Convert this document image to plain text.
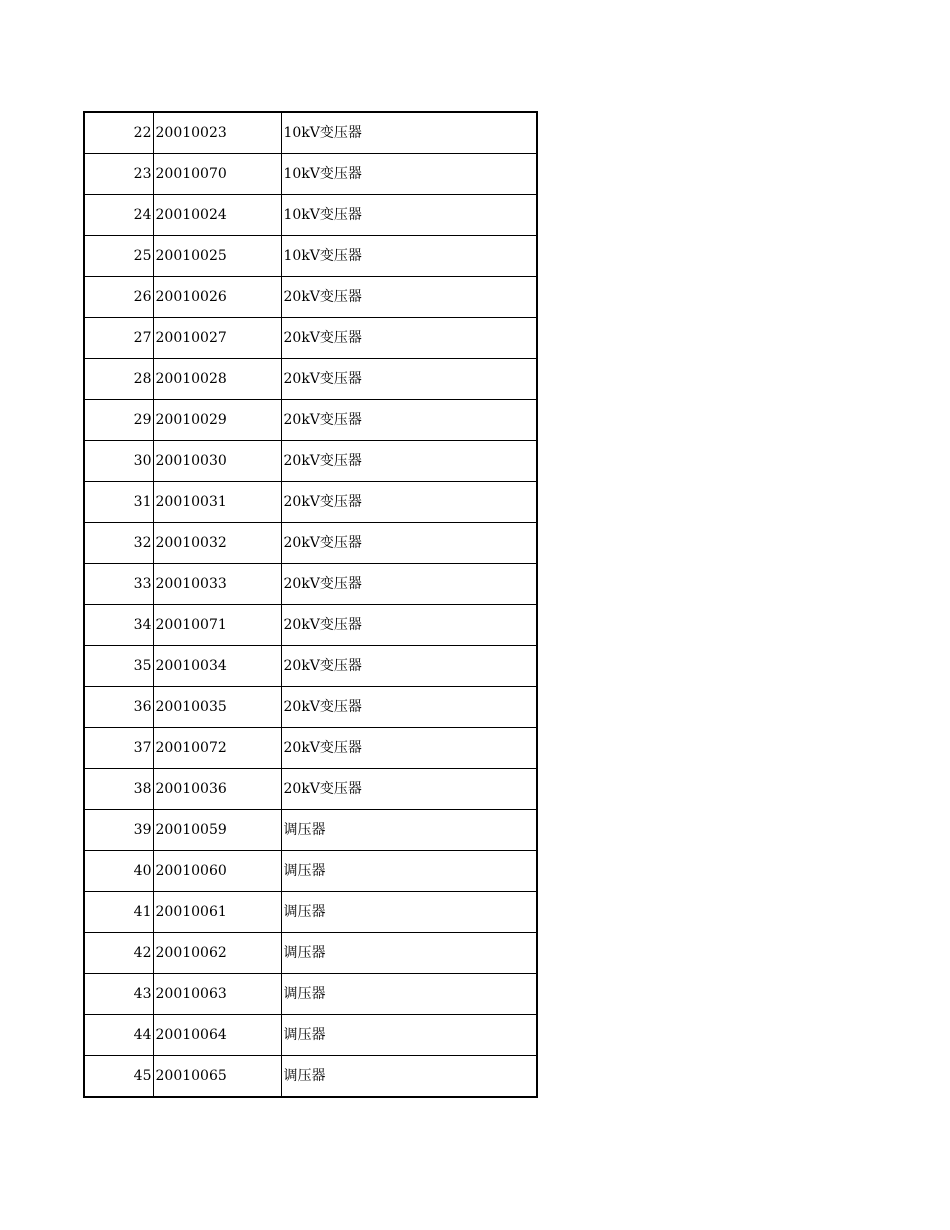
22	20010023	10kV变压器
23	20010070	10kV变压器
24	20010024	10kV变压器
25	20010025	10kV变压器
26	20010026	20kV变压器
27	20010027	20kV变压器
28	20010028	20kV变压器
29	20010029	20kV变压器
30	20010030	20kV变压器
31	20010031	20kV变压器
32	20010032	20kV变压器
33	20010033	20kV变压器
34	20010071	20kV变压器
35	20010034	20kV变压器
36	20010035	20kV变压器
37	20010072	20kV变压器
38	20010036	20kV变压器
39	20010059	调压器
40	20010060	调压器
41	20010061	调压器
42	20010062	调压器
43	20010063	调压器
44	20010064	调压器
45	20010065	调压器
